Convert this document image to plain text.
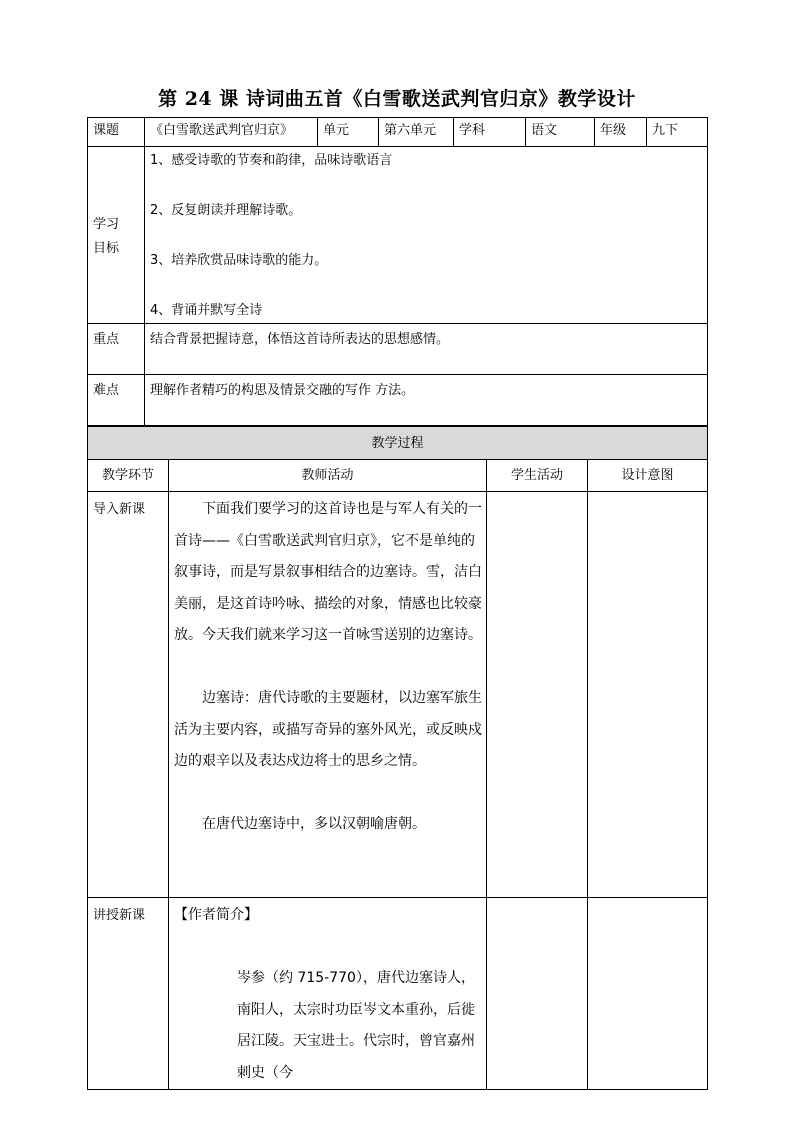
第 24 课 诗词曲五首《白雪歌送武判官归京》教学设计
课题	《白雪歌送武判官归京》	单元	第六单元	学科	语文	年级	九下

学习目标	1、感受诗歌的节奏和韵律，品味诗歌语言
2、反复朗读并理解诗歌。
3、培养欣赏品味诗歌的能力。
4、背诵并默写全诗						

重点	结合背景把握诗意，体悟这首诗所表达的思想感情。						
难点	理解作者精巧的构思及情景交融的写作 方法。						
教学过程			
教学环节	教师活动	学生活动	设计意图
导入新课	下面我们要学习的这首诗也是与军人有关的一首诗——《白雪歌送武判官归京》，它不是单纯的叙事诗，而是写景叙事相结合的边塞诗。雪，洁白美丽，是这首诗吟咏、描绘的对象，情感也比较豪放。今天我们就来学习这一首咏雪送别的边塞诗。

边塞诗：唐代诗歌的主要题材，以边塞军旅生活为主要内容，或描写奇异的塞外风光，或反映戍边的艰辛以及表达戍边将士的思乡之情。

在唐代边塞诗中，多以汉朝喻唐朝。		

讲授新课	【作者简介】

岑参（约 715-770），唐代边塞诗人，南阳人，太宗时功臣岑文本重孙，后徙居江陵。天宝进士。代宗时，曾官嘉州刺史（今		
